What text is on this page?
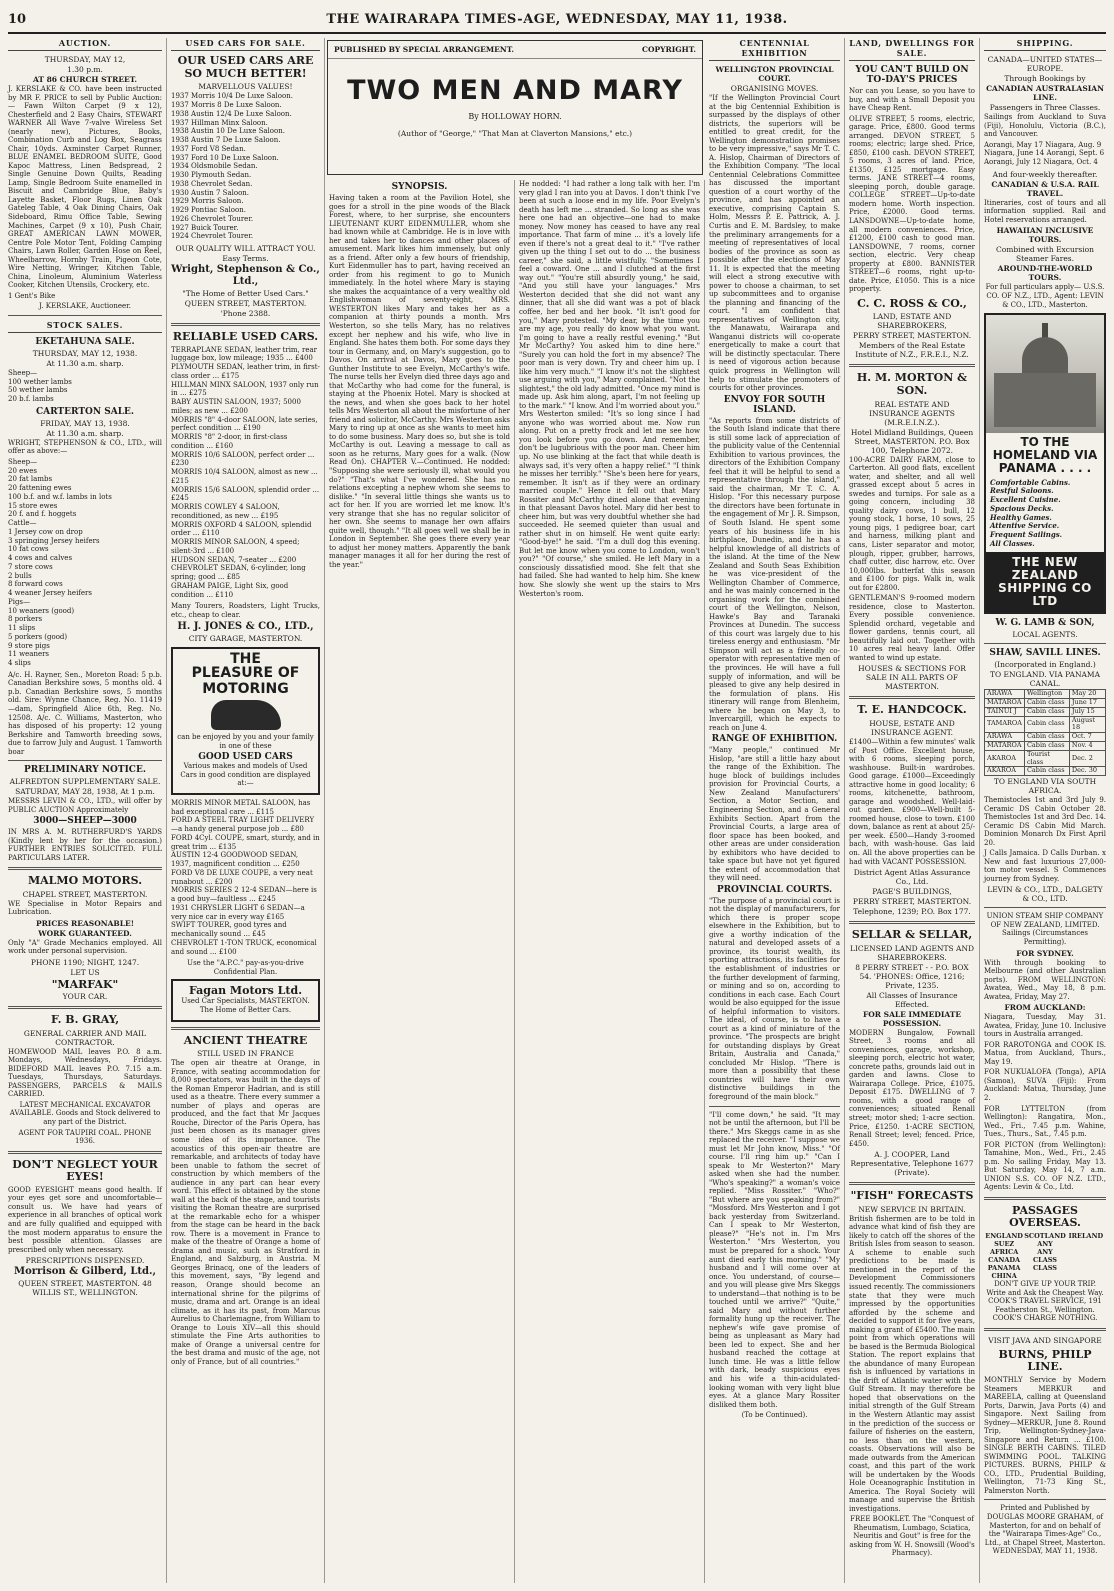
10	THE WAIRARAPA TIMES-AGE, WEDNESDAY, MAY 11, 1938.
AUCTION.
THURSDAY, MAY 12,
1.30 p.m.
AT 86 CHURCH STREET.

J. KERSLAKE & CO. have been instructed by MR F. PRICE to sell by Public Auction:— Fawn Wilton Carpet (9 x 12), Chesterfield and 2 Easy Chairs, STEWART WARNER All Wave 7-valve Wireless Set (nearly new), Pictures, Books, Combination Curb and Log Box, Seagrass Chair, 10yds. Axminster Carpet Runner, BLUE ENAMEL BEDROOM SUITE, Good Kapoc Mattress, Linen Bedspread, 2 Single Genuine Down Quilts, Reading Lamp, Single Bedroom Suite enamelled in Biscuit and Cambridge Blue, Baby's Layette Basket, Floor Rugs, Linen Oak Gateleg Table, 4 Oak Dining Chairs, Oak Sideboard, Rimu Office Table, Sewing Machines, Carpet (9 x 10), Push Chair, GREAT AMERICAN LAWN MOWER, Centre Pole Motor Tent, Folding Camping Chairs, Lawn Roller, Garden Hose on Reel, Wheelbarrow, Hornby Train, Pigeon Cote, Wire Netting, Wringer, Kitchen Table, China, Linoleum, Aluminium Waterless Cooker, Kitchen Utensils, Crockery, etc.

1 Gent's Bike

J. KERSLAKE, Auctioneer.

STOCK SALES.
EKETAHUNA SALE.
THURSDAY, MAY 12, 1938.
At 11.30 a.m. sharp.
Sheep—
100 wether lambs
50 wether lambs
20 b.f. lambs
CARTERTON SALE.
FRIDAY, MAY 13, 1938.
At 11.30 a.m. sharp.

WRIGHT, STEPHENSON & CO., LTD., will offer as above:—

Sheep—
20 ewes
20 fat lambs
20 fattening ewes
100 b.f. and w.f. lambs in lots
15 store ewes
20 f. and f. hoggets
Cattle—
1 Jersey cow on drop
3 springing Jersey heifers
10 fat cows
4 cows and calves
7 store cows
2 bulls
8 forward cows
4 weaner Jersey heifers
Pigs—
10 weaners (good)
8 porkers
11 slips
5 porkers (good)
9 store pigs
11 weaners
4 slips

A/c. H. Rayner, Sen., Moreton Road: 5 p.b. Canadian Berkshire sows, 5 months old. 4 p.b. Canadian Berkshire sows, 5 months old. Sire: Wynne Chance, Reg. No. 11419—dam, Springfield Alice 6th, Reg. No. 12508. A/c. C. Williams, Masterton, who has disposed of his property: 12 young Berkshire and Tamworth breeding sows, due to farrow July and August. 1 Tamworth boar

PRELIMINARY NOTICE.
ALFREDTON SUPPLEMENTARY SALE.
SATURDAY, MAY 28, 1938, At 1 p.m.

MESSRS LEVIN & CO., LTD., will offer by PUBLIC AUCTION Approximately

3000—SHEEP—3000

IN MRS A. M. RUTHERFURD'S YARDS (Kindly lent by her for the occasion.) FURTHER ENTRIES SOLICITED. FULL PARTICULARS LATER.

MALMO MOTORS.
CHAPEL STREET, MASTERTON.

WE Specialise in Motor Repairs and Lubrication.

PRICES REASONABLE!
WORK GUARANTEED.

Only "A" Grade Mechanics employed. All work under personal supervision.

PHONE 1190; NIGHT, 1247.
LET US
"MARFAK"
YOUR CAR.
F. B. GRAY,
GENERAL CARRIER AND MAIL CONTRACTOR.

HOMEWOOD MAIL leaves P.O. 8 a.m. Mondays, Wednesdays, Fridays. BIDEFORD MAIL leaves P.O. 7.15 a.m. Tuesdays, Thursdays, Saturdays. PASSENGERS, PARCELS & MAILS CARRIED.

LATEST MECHANICAL EXCAVATOR AVAILABLE. Goods and Stock delivered to any part of the District.

AGENT FOR TAUPIRI COAL. PHONE 1936.

DON'T NEGLECT YOUR EYES!

GOOD EYESIGHT means good health. If your eyes get sore and uncomfortable—consult us. We have had years of experience in all branches of optical work and are fully qualified and equipped with the most modern apparatus to ensure the best possible attention. Glasses are prescribed only when necessary.

PRESCRIPTIONS DISPENSED.
Morrison & Gilberd, Ltd.,
QUEEN STREET, MASTERTON. 48 WILLIS ST., WELLINGTON.
USED CARS FOR SALE.
OUR USED CARS ARE SO MUCH BETTER!
MARVELLOUS VALUES!
1937 Morris 10/4 De Luxe Saloon.
1937 Morris 8 De Luxe Saloon.
1938 Austin 12/4 De Luxe Saloon.
1937 Hillman Minx Saloon.
1938 Austin 10 De Luxe Saloon.
1938 Austin 7 De Luxe Saloon.
1937 Ford V8 Sedan.
1937 Ford 10 De Luxe Saloon.
1934 Oldsmobile Sedan.
1930 Plymouth Sedan.
1938 Chevrolet Sedan.
1930 Austin 7 Saloon.
1929 Morris Saloon.
1929 Pontiac Saloon.
1926 Chevrolet Tourer.
1927 Buick Tourer.
1924 Chevrolet Tourer.
OUR QUALITY WILL ATTRACT YOU.
Easy Terms.
Wright, Stephenson & Co., Ltd.,
"The Home of Better Used Cars."
QUEEN STREET, MASTERTON.
'Phone 2388.
RELIABLE USED CARS.
TERRAPLANE SEDAN, leather trim, rear luggage box, low mileage; 1935 ... £400
PLYMOUTH SEDAN, leather trim, in first-class order ... £175
HILLMAN MINX SALOON, 1937 only run in ... £275
BABY AUSTIN SALOON, 1937; 5000 miles; as new ... £200
MORRIS "8" 4-door SALOON, late series, perfect condition ... £190
MORRIS "8" 2-door, in first-class condition ... £160
MORRIS 10/6 SALOON, perfect order ... £230
MORRIS 10/4 SALOON, almost as new ... £215
MORRIS 15/6 SALOON, splendid order ... £245
MORRIS COWLEY 4 SALOON, reconditioned, as new ... £195
MORRIS OXFORD 4 SALOON, splendid order ... £110
MORRIS MINOR SALOON, 4 speed; silent-3rd ... £100
HUDSON SEDAN, 7-seater ... £200
CHEVROLET SEDAN, 6-cylinder, long spring; good ... £85
GRAHAM PAIGE, Light Six, good condition ... £110

Many Tourers, Roadsters, Light Trucks, etc., cheap to clear.

H. J. JONES & CO., LTD.,
CITY GARAGE, MASTERTON.
THE
PLEASURE OF MOTORING
can be enjoyed by you and your family in one of these
GOOD USED CARS
Various makes and models of Used Cars in good condition are displayed at:—
MORRIS MINOR METAL SALOON, has had exceptional care ... £115
FORD A STEEL TRAY LIGHT DELIVERY—a handy general purpose job ... £80
FORD 4Cyl. COUPE, smart, sturdy, and in great trim ... £135
AUSTIN 12-4 GOODWOOD SEDAN, 1937, magnificent condition ... £250
FORD V8 DE LUXE COUPE, a very neat runabout ... £200
MORRIS SERIES 2 12-4 SEDAN—here is a good buy—faultless ... £245
1931 CHRYSLER LIGHT 6 SEDAN—a very nice car in every way £165
SWIFT TOURER, good tyres and mechanically sound ... £45
CHEVROLET 1-TON TRUCK, economical and sound ... £100

Use the "A.P.C." pay-as-you-drive Confidential Plan.

Fagan Motors Ltd.
Used Car Specialists, MASTERTON. The Home of Better Cars.
ANCIENT THEATRE
STILL USED IN FRANCE

The open air theatre at Orange, in France, with seating accommodation for 8,000 spectators, was built in the days of the Roman Emperor Hadrian, and is still used as a theatre. There every summer a number of plays and operas are produced, and the fact that Mr Jacques Rouche, Director of the Paris Opera, has just been chosen as its manager gives some idea of its importance. The acoustics of this open-air theatre are remarkable, and architects of today have been unable to fathom the secret of construction by which members of the audience in any part can hear every word. This effect is obtained by the stone wall at the back of the stage, and tourists visiting the Roman theatre are surprised at the remarkable echo for a whisper from the stage can be heard in the back row. There is a movement in France to make of the theatre of Orange a home of drama and music, such as Stratford in England, and Salzburg, in Austria. M Georges Brinacq, one of the leaders of this movement, says, "By legend and reason, Orange should become an international shrine for the pilgrims of music, drama and art. Orange is an ideal climate, as it has its past, from Marcus Aurelius to Charlemagne, from William to Orange to Louis XIV—all this should stimulate the Fine Arts authorities to make of Orange a universal centre for the best drama and music of the age, not only of France, but of all countries."

PUBLISHED BY SPECIAL ARRANGEMENT.	COPYRIGHT.
TWO MEN AND MARY
By HOLLOWAY HORN.
(Author of "George," "That Man at Claverton Mansions," etc.)
SYNOPSIS.

Having taken a room at the Pavilion Hotel, she goes for a stroll in the pine woods of the Black Forest, where, to her surprise, she encounters LIEUTENANT KURT EIDENMULLER, whom she had known while at Cambridge. He is in love with her and takes her to dances and other places of amusement. Mark likes him immensely, but only as a friend. After only a few hours of friendship, Kurt Eidenmuller has to part, having received an order from his regiment to go to Munich immediately. In the hotel where Mary is staying she makes the acquaintance of a very wealthy old Englishwoman of seventy-eight, MRS. WESTERTON likes Mary and takes her as a companion at thirty pounds a month. Mrs Westerton, so she tells Mary, has no relatives except her nephew and his wife, who live in England. She hates them both. For some days they tour in Germany, and, on Mary's suggestion, go to Davos. On arrival at Davos, Mary goes to the Gunther Institute to see Evelyn, McCarthy's wife. The nurse tells her Evelyn died three days ago and that McCarthy who had come for the funeral, is staying at the Phoenix Hotel. Mary is shocked at the news, and when she goes back to her hotel tells Mrs Westerton all about the misfortune of her friend and solicitor, McCarthy. Mrs Westerton asks Mary to ring up at once as she wants to meet him to do some business. Mary does so, but she is told McCarthy is out. Leaving a message to call as soon as he returns, Mary goes for a walk. (Now Read On). CHAPTER V.—Continued. He nodded: "Supposing she were seriously ill, what would you do?" "That's what I've wondered. She has no relations excepting a nephew whom she seems to dislike." "In several little things she wants us to act for her. If you are worried let me know. It's very strange that she has no regular solicitor of her own. She seems to manage her own affairs quite well, though." "It all goes well we shall be in London in September. She goes there every year to adjust her money matters. Apparently the bank manager manages it all for her during the rest of the year."

He nodded: "I had rather a long talk with her. I'm very glad I ran into you at Davos. I don't think I've been at such a loose end in my life. Poor Evelyn's death has left me ... stranded. So long as she was here one had an objective—one had to make money. Now money has ceased to have any real importance. That farm of mine ... it's a lovely life even if there's not a great deal to it." "I've rather given up the thing I set out to do ... the business career," she said, a little wistfully. "Sometimes I feel a coward. One ... and I clutched at the first way out." "You're still absurdly young," he said, "And you still have your languages." Mrs Westerton decided that she did not want any dinner, that all she did want was a pot of black coffee, her bed and her book. "It isn't good for you," Mary protested. "My dear, by the time you are my age, you really do know what you want. I'm going to have a really restful evening." "But Mr McCarthy? You asked him to dine here." "Surely you can hold the fort in my absence? The poor man is very down. Try and cheer him up. I like him very much." "I know it's not the slightest use arguing with you," Mary complained. "Not the slightest," the old lady admitted. "Once my mind is made up. Ask him along, apart, I'm not feeling up to the mark." "I know. And I'm worried about you." Mrs Westerton smiled: "It's so long since I had anyone who was worried about me. Now run along. Put on a pretty frock and let me see how you look before you go down. And remember, don't be lugubrious with the poor man. Cheer him up. No use blinking at the fact that while death is always sad, it's very often a happy relief." "I think he misses her terribly." "She's been here for years, remember. It isn't as if they were an ordinary married couple." Hence it fell out that Mary Rossiter and McCarthy dined alone that evening in that pleasant Davos hotel. Mary did her best to cheer him, but was very doubtful whether she had succeeded. He seemed quieter than usual and rather shut in on himself. He went quite early: "Good-bye!" he said. "I'm a dull dog this evening. But let me know when you come to London, won't you?" "Of course," she smiled. He left Mary in a consciously dissatisfied mood. She felt that she had failed. She had wanted to help him. She knew how. She slowly she went up the stairs to Mrs Westerton's room.

CENTENNIAL EXHIBITION
WELLINGTON PROVINCIAL COURT.
ORGANISING MOVES.

"If the Wellington Provincial Court at the big Centennial Exhibition is surpassed by the displays of other districts, the superiors will be entitled to great credit, for the Wellington demonstration promises to be very impressive," says Mr T. C. A. Hislop, Chairman of Directors of the Exhibition Company. "The local Centennial Celebrations Committee has discussed the important question of a court worthy of the province, and has appointed an executive, comprising Captain S. Holm, Messrs P. E. Pattrick, A. J. Curtis and E. M. Bardsley, to make the preliminary arrangements for a meeting of representatives of local bodies of the province as soon as possible after the elections of May 11. It is expected that the meeting will elect a strong executive with power to choose a chairman, to set up subcommittees and to organise the planning and financing of the court. "I am confident that representatives of Wellington city, the Manawatu, Wairarapa and Wanganui districts will co-operate energetically to make a court that will be distinctly spectacular. There is need of vigorous action because quick progress in Wellington will help to stimulate the promoters of courts for other provinces.

ENVOY FOR SOUTH ISLAND.

"As reports from some districts of the South Island indicate that there is still some lack of appreciation of the publicity value of the Centennial Exhibition to various provinces, the directors of the Exhibition Company feel that it will be helpful to send a representative through the island," said the chairman, Mr T. C. A. Hislop. "For this necessary purpose the directors have been fortunate in the engagement of Mr J. R. Simpson, of South Island. He spent some years of his business life in his birthplace, Dunedin, and he has a helpful knowledge of all districts of the island. At the time of the New Zealand and South Seas Exhibition he was vice-president of the Wellington Chamber of Commerce, and he was mainly concerned in the organising work for the combined court of the Wellington, Nelson, Hawke's Bay and Taranaki Provinces at Dunedin. The success of this court was largely due to his tireless energy and enthusiasm. "Mr Simpson will act as a friendly co-operator with representative men of the provinces. He will have a full supply of information, and will be pleased to give any help desired in the formulation of plans. His itinerary will range from Blenheim, where he began on May 3, to Invercargill, which he expects to reach on June 4.

RANGE OF EXHIBITION.

"Many people," continued Mr Hislop, "are still a little hazy about the range of the Exhibition. The huge block of buildings includes provision for Provincial Courts, a New Zealand Manufacturers' Section, a Motor Section, and Engineering Section, and a General Exhibits Section. Apart from the Provincial Courts, a large area of floor space has been booked, and other areas are under consideration by exhibitors who have decided to take space but have not yet figured the extent of accommodation that they will need.

PROVINCIAL COURTS.

"The purpose of a provincial court is not the display of manufacturers, for which there is proper scope elsewhere in the Exhibition, but to give a worthy indication of the natural and developed assets of a province, its tourist wealth, its sporting attractions, its facilities for the establishment of industries or the further development of farming, or mining and so on, according to conditions in each case. Each Court would be also equipped for the issue of helpful information to visitors. The ideal, of course, is to have a court as a kind of miniature of the province. "The prospects are bright for outstanding displays by Great Britain, Australia and Canada," concluded Mr Hislop. "There is more than a possibility that these countries will have their own distinctive buildings in the foreground of the main block."

"I'll come down," he said. "It may not be until the afternoon, but I'll be there." Mrs Skeggs came in as she replaced the receiver. "I suppose we must let Mr John know, Miss." "Of course. I'll ring him up." "Can I speak to Mr Westerton?" Mary asked when she had the number. "Who's speaking?" a woman's voice replied. "Miss Rossiter." "Who?" "But where are you speaking from?" "Mossford. Mrs Westerton and I got back yesterday from Switzerland. Can I speak to Mr Westerton, please?" "He's not in. I'm Mrs Westerton." "Mrs Westerton, you must be prepared for a shock. Your aunt died early this morning." "My husband and I will come over at once. You understand, of course—and you will please give Mrs Skeggs to understand—that nothing is to be touched until we arrive?" "Quite," said Mary and without further formality hung up the receiver. The nephew's wife gave promise of being as unpleasant as Mary had been led to expect. She and her husband reached the cottage at lunch time. He was a little fellow with dark, beady suspicious eyes and his wife a thin-acidulated-looking woman with very light blue eyes. At a glance Mary Rossiter disliked them both.

(To be Continued).

LAND, DWELLINGS FOR SALE.
YOU CAN'T BUILD ON TO-DAY'S PRICES

Nor can you Lease, so you have to buy, and with a Small Deposit you have Cheap Rent.

OLIVE STREET, 5 rooms, electric, garage. Price, £800. Good terms arranged. DEVON STREET, 5 rooms; electric; large shed. Price, £850, £100 cash. DEVON STREET, 5 rooms, 3 acres of land. Price, £1350, £125 mortgage. Easy terms. JANE STREET—4 rooms, sleeping porch, double garage. COLLEGE STREET—Up-to-date modern home. Worth inspection. Price, £2000. Good terms. LANSDOWNE—Up-to-date home, all modern conveniences. Price, £1200, £100 cash to good man. LANSDOWNE, 7 rooms, corner section, electric. Very cheap property at £800. BANNISTER STREET—6 rooms, right up-to-date. Price, £1050. This is a nice property.

C. C. ROSS & CO.,
LAND, ESTATE AND SHAREBROKERS,
PERRY STREET, MASTERTON.
Members of the Real Estate Institute of N.Z., F.R.E.I., N.Z.
H. M. MORTON & SON.
REAL ESTATE AND INSURANCE AGENTS (M.R.E.I.N.Z.).
Hotel Midland Buildings, Queen Street, MASTERTON. P.O. Box 100, Telephone 2072.

100-ACRE DAIRY FARM, close to Carterton. All good flats, excellent water, and shelter, and all well grassed except about 5 acres in swedes and turnips. For sale as a going concern, including 38 quality dairy cows, 1 bull, 12 young stock, 1 horse, 10 sows, 25 young pigs, 1 pedigree boar, cart and harness, milking plant and cans, Lister separator and motor, plough, ripper, grubber, harrows, chaff cutter, disc harrow, etc. Over 10,000lbs. butterfat this season and £100 for pigs. Walk in, walk out for £2800.

GENTLEMAN'S 9-roomed modern residence, close to Masterton. Every possible convenience. Splendid orchard, vegetable and flower gardens, tennis court, all beautifully laid out. Together with 10 acres real heavy land. Offer wanted to wind up estate.

HOUSES & SECTIONS FOR SALE IN ALL PARTS OF MASTERTON.
T. E. HANDCOCK.
HOUSE, ESTATE AND INSURANCE AGENT.

£1400—Within a few minutes' walk of Post Office. Excellent house, with 6 rooms, sleeping porch, washhouse. Built-in wardrobes. Good garage. £1000—Exceedingly attractive home in good locality; 6 rooms, kitchenette, bathroom, garage and woodshed. Well-laid-out garden. £900—Well-built 5-roomed house, close to town. £100 down, balance as rent at about 25/- per week. £500—Handy 3-roomed bach, with wash-house. Gas laid on. All the above properties can be had with VACANT POSSESSION.

District Agent Atlas Assurance Co., Ltd.
PAGE'S BUILDINGS,
PERRY STREET, MASTERTON.
Telephone, 1239; P.O. Box 177.
SELLAR & SELLAR,
LICENSED LAND AGENTS AND SHAREBROKERS.
8 PERRY STREET - - P.O. BOX 54. 'PHONES: Office, 1216; Private, 1235.
All Classes of Insurance Effected.
FOR SALE IMMEDIATE POSSESSION.

MODERN Bungalow, Fownall Street, 3 rooms and all conveniences, garage, workshop, sleeping porch, electric hot water, concrete paths, grounds laid out in garden and lawns. Close to Wairarapa College. Price, £1075. Deposit £175. DWELLING of 7 rooms, with a good range of conveniences; situated Renall street; motor shed; 1-acre section. Price, £1250. 1-ACRE SECTION, Renall Street; level; fenced. Price, £450.

A. J. COOPER, Land Representative, Telephone 1677 (Private).
"FISH" FORECASTS
NEW SERVICE IN BRITAIN.

British fishermen are to be told in advance what kind of fish they are likely to catch off the shores of the British Isles from season to season. A scheme to enable such predictions to be made is mentioned in the report of the Development Commissioners issued recently. The commissioners state that they were much impressed by the opportunities afforded by the scheme and decided to support it for five years, making a grant of £5400. The main point from which operations will be based is the Bermuda Biological Station. The report explains that the abundance of many European fish is influenced by variations in the drift of Atlantic water with the Gulf Stream. It may therefore be hoped that observations on the initial strength of the Gulf Stream in the Western Atlantic may assist in the prediction of the success or failure of fisheries on the eastern, no less than on the western, coasts. Observations will also be made outwards from the American coast, and this part of the work will be undertaken by the Woods Hole Oceanographic Institution in America. The Royal Society will manage and supervise the British investigations.

FREE BOOKLET. The "Conquest of Rheumatism, Lumbago, Sciatica, Neuritis and Gout" is free for the asking from W. H. Snowsill (Wood's Pharmacy).

SHIPPING.
CANADA—UNITED STATES—EUROPE.
Through Bookings by
CANADIAN AUSTRALASIAN LINE.
Passengers in Three Classes.

Sailings from Auckland to Suva (Fiji), Honolulu, Victoria (B.C.), and Vancouver.

Aorangi, May 17 Niagara, Aug. 9
Niagara, June 14 Aorangi, Sept. 6
Aorangi, July 12 Niagara, Oct. 4
And four-weekly thereafter.
CANADIAN & U.S.A. RAIL TRAVEL.

Itineraries, cost of tours and all information supplied. Rail and Hotel reservations arranged.

HAWAIIAN INCLUSIVE TOURS.
Combined with Excursion Steamer Fares.
AROUND-THE-WORLD TOURS.

For full particulars apply— U.S.S. CO. OF N.Z., LTD., Agent: LEVIN & CO., LTD., Masterton.

TO THE HOMELAND VIA PANAMA . . . .
Comfortable Cabins.
Restful Saloons.
Excellent Cuisine.
Spacious Decks.
Healthy Games.
Attentive Service.
Frequent Sailings.
All Classes.
THE NEW ZEALAND SHIPPING CO LTD
W. G. LAMB & SON,
LOCAL AGENTS.
SHAW, SAVILL LINES.
(Incorporated in England.)
TO ENGLAND. VIA PANAMA CANAL.
ARAWA	Wellington	May 20
MATAROA	Cabin class	June 17
TAINUI J	Cabin class	July 15
TAMAROA	Cabin class	August 18
ARAWA	Cabin class	Oct. 7
MATAROA	Cabin class	Nov. 4
AKAROA	Tourist class	Dec. 2
AKAROA	Cabin class	Dec. 30
TO ENGLAND VIA SOUTH AFRICA.

Themistocles 1st and 3rd July 9. Ceramic DS Cabin October 28. Themistocles 1st and 3rd Dec. 14. Ceramic DS Cabin Mid March. Dominion Monarch Dx First April 20.

J Calls Jamaica. D Calls Durban. x New and fast luxurious 27,000-ton motor vessel. S Commences journey from Sydney.

LEVIN & CO., LTD., DALGETY & CO., LTD.

UNION STEAM SHIP COMPANY OF NEW ZEALAND, LIMITED. Sailings (Circumstances Permitting).

FOR SYDNEY.

With through booking to Melbourne (and other Australian ports). FROM WELLINGTON: Awatea, Wed., May 18, 8 p.m. Awatea, Friday, May 27.

FROM AUCKLAND:

Niagara, Tuesday, May 31. Awatea, Friday, June 10. Inclusive tours in Australia arranged.

FOR RAROTONGA and COOK IS. Matua, from Auckland, Thurs., May 19.

FOR NUKUALOFA (Tonga), APIA (Samoa), SUVA (Fiji): From Auckland: Matua, Thursday, June 2.

FOR LYTTELTON (from Wellington): Rangatira, Mon., Wed., Fri., 7.45 p.m. Wahine, Tues., Thurs., Sat., 7.45 p.m.

FOR PICTON (from Wellington): Tamahine, Mon., Wed., Fri., 2.45 p.m. No sailing Friday, May 13. But Saturday, May 14, 7 a.m. UNION S.S. CO. OF N.Z. LTD., Agents: Levin & Co., Ltd.

PASSAGES OVERSEAS.
ENGLAND SCOTLAND IRELAND
SUEZ	ANY
AFRICA	ANY
CANADA	CLASS
PANAMA	CLASS
CHINA

DON'T GIVE UP YOUR TRIP. Write and Ask the Cheapest Way. COOK'S TRAVEL SERVICE, 191 Featherston St., Wellington. COOK'S CHARGE NOTHING.

VISIT JAVA AND SINGAPORE
BURNS, PHILP LINE.

MONTHLY Service by Modern Steamers MERKUR and MAREELA, calling at Queensland Ports, Darwin, Java Ports (4) and Singapore. Next Sailing from Sydney—MERKUR, June 8. Round Trip, Wellington-Sydney-Java-Singapore and Return ... £100. SINGLE BERTH CABINS. TILED SWIMMING POOL. TALKING PICTURES. BURNS, PHILP & CO., LTD., Prudential Building, Wellington, 71-73 King St., Palmerston North.

Printed and Published by DOUGLAS MOORE GRAHAM, of Masterton, for and on behalf of the "Wairarapa Times-Age" Co., Ltd., at Chapel Street, Masterton. WEDNESDAY, MAY 11, 1938.
